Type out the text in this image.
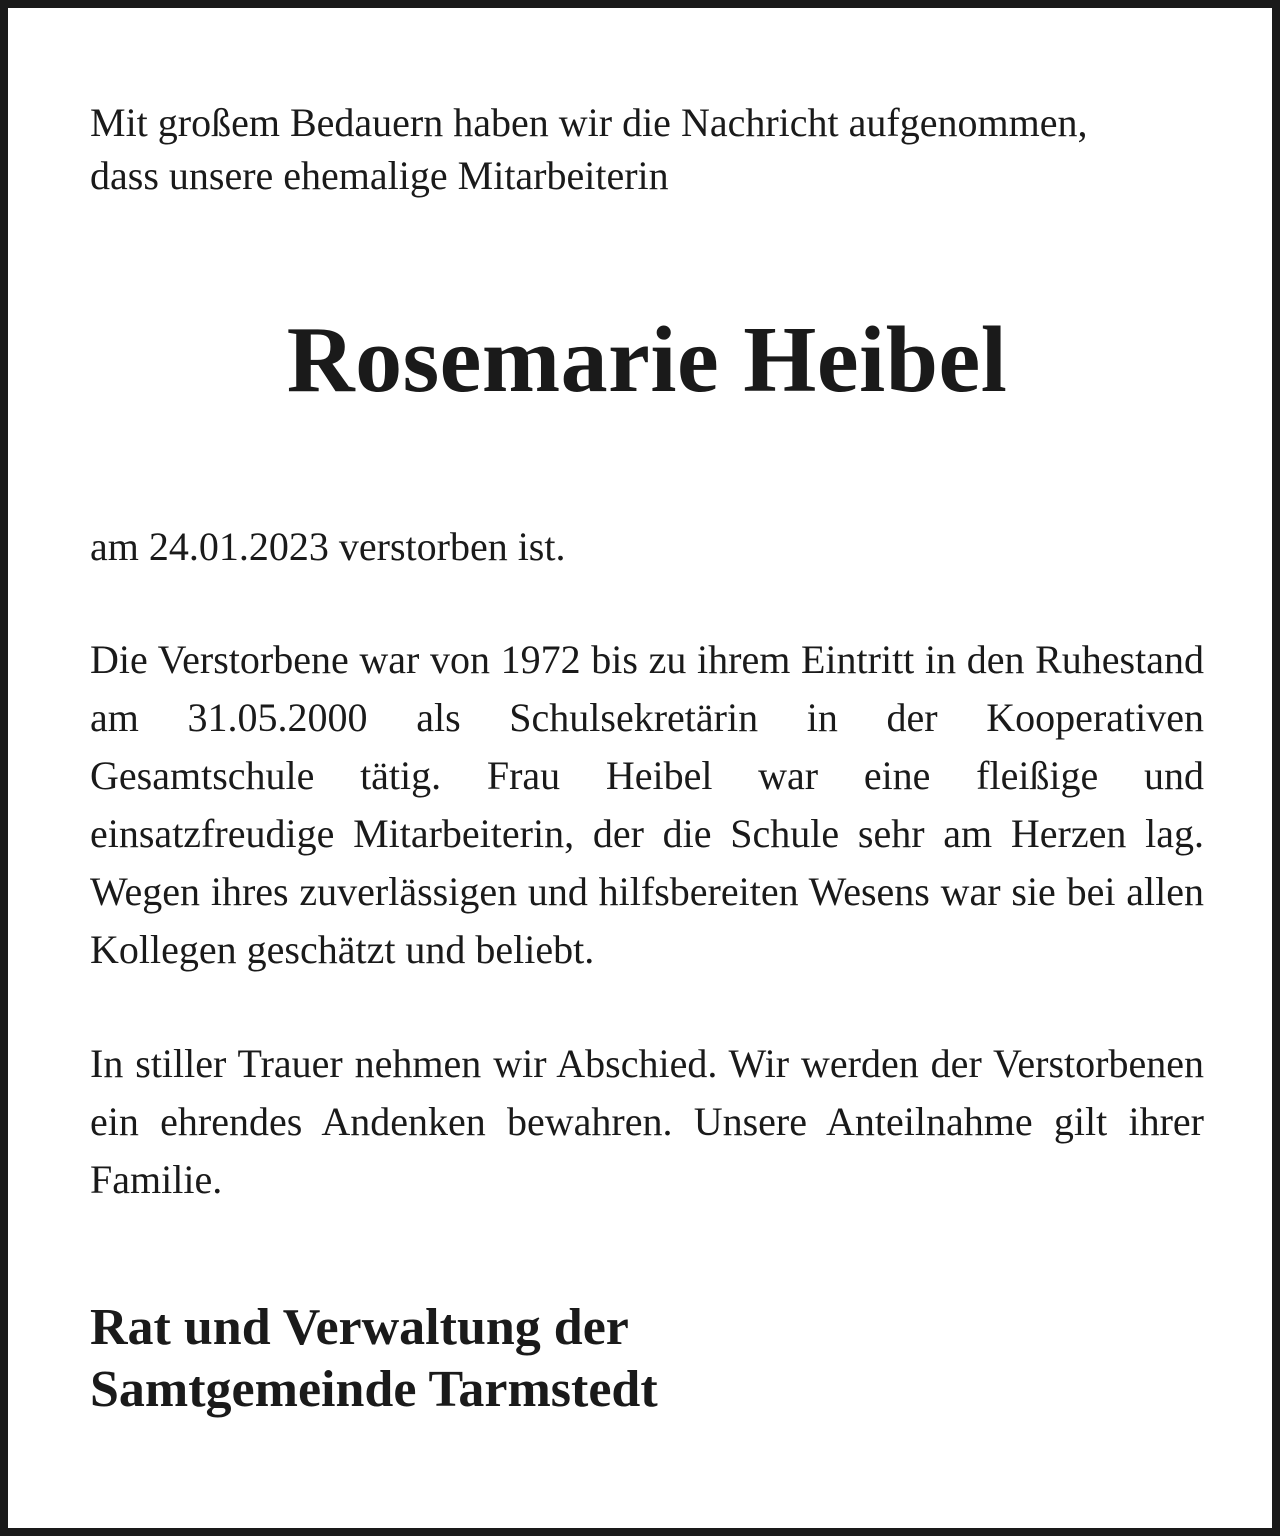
Mit großem Bedauern haben wir die Nachricht aufgenommen,
dass unsere ehemalige Mitarbeiterin

Rosemarie Heibel

am 24.01.2023 verstorben ist.

Die Verstorbene war von 1972 bis zu ihrem Eintritt in den Ruhestand am 31.05.2000 als Schulsekretärin in der Kooperativen Gesamtschule tätig. Frau Heibel war eine fleißige und einsatzfreudige Mitarbeiterin, der die Schule sehr am Herzen lag. Wegen ihres zuverlässigen und hilfsbereiten Wesens war sie bei allen Kollegen geschätzt und beliebt.

In stiller Trauer nehmen wir Abschied. Wir werden der Verstorbenen ein ehrendes Andenken bewahren. Unsere Anteilnahme gilt ihrer Familie.

Rat und Verwaltung der
Samtgemeinde Tarmstedt
